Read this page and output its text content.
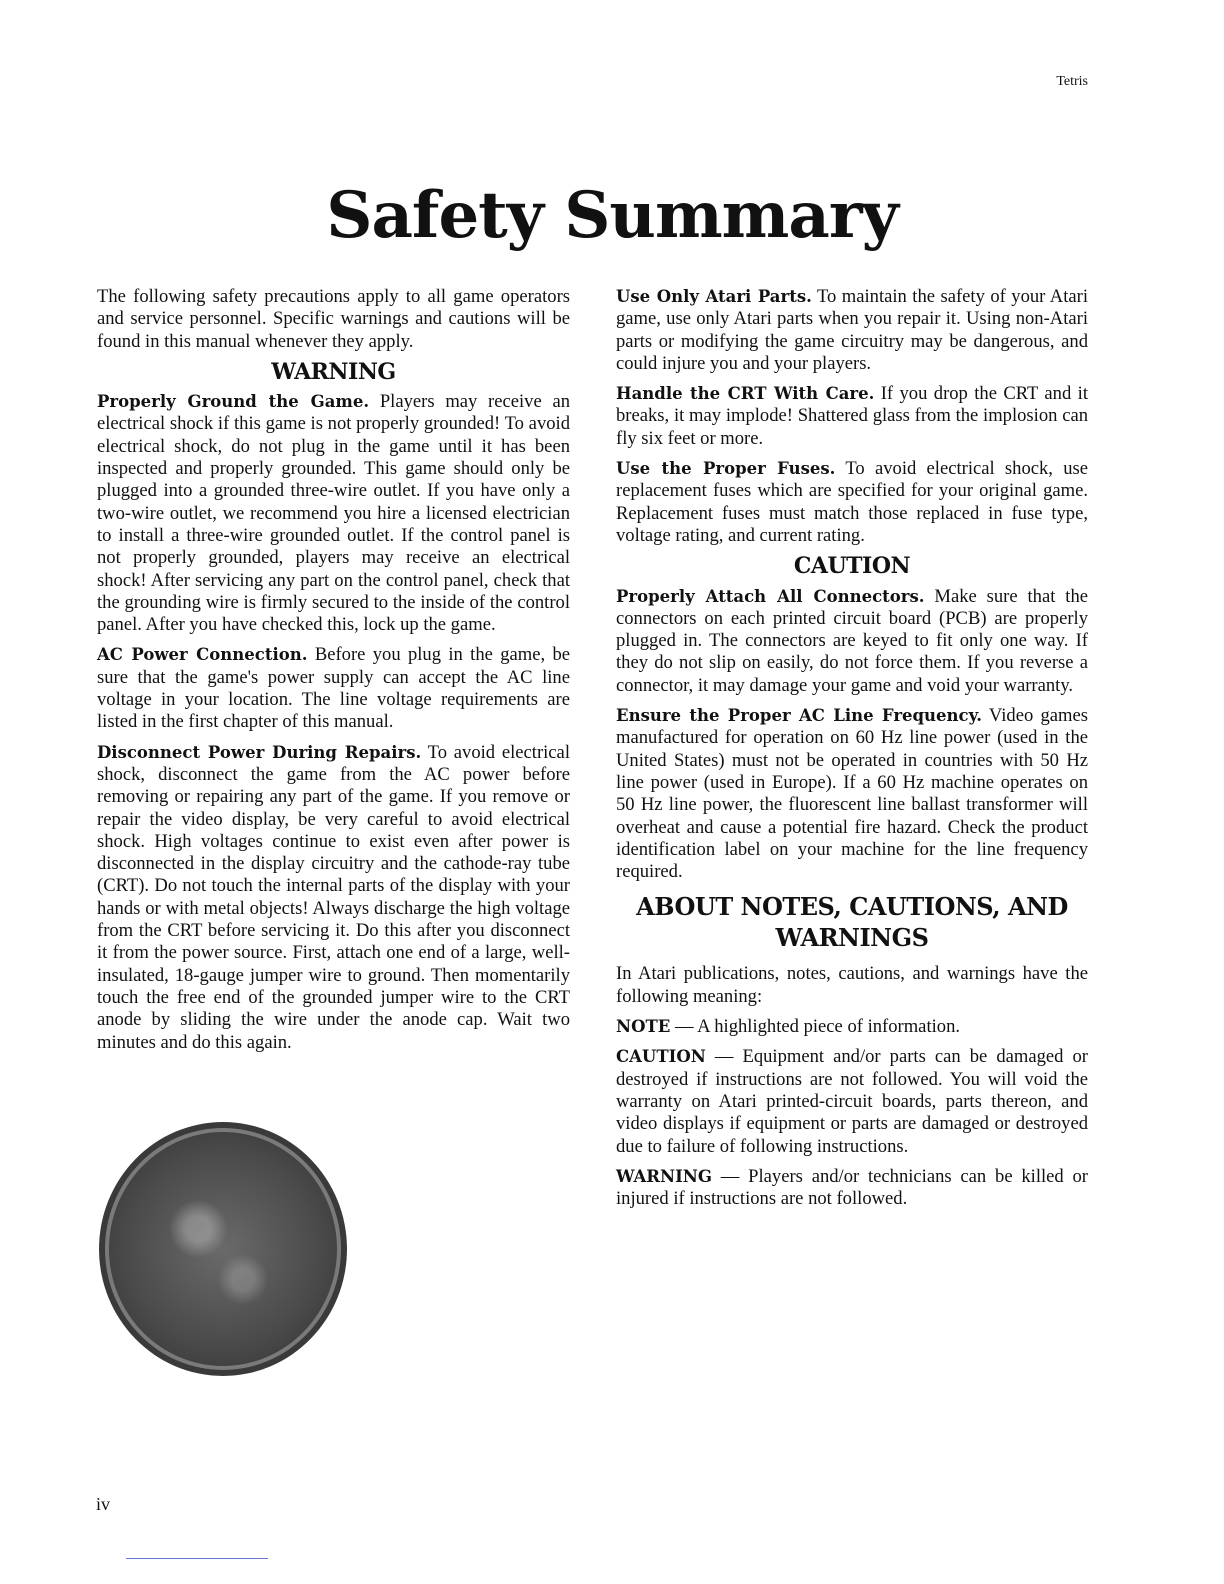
Tetris
Safety Summary

The following safety precautions apply to all game operators and service personnel. Specific warnings and cautions will be found in this manual whenever they apply.

WARNING

Properly Ground the Game. Players may receive an electrical shock if this game is not properly grounded! To avoid electrical shock, do not plug in the game until it has been inspected and properly grounded. This game should only be plugged into a grounded three-wire outlet. If you have only a two-wire outlet, we recommend you hire a licensed electrician to install a three-wire grounded outlet. If the control panel is not properly grounded, players may receive an electrical shock! After servicing any part on the control panel, check that the grounding wire is firmly secured to the inside of the control panel. After you have checked this, lock up the game.

AC Power Connection. Before you plug in the game, be sure that the game's power supply can accept the AC line voltage in your location. The line voltage requirements are listed in the first chapter of this manual.

Disconnect Power During Repairs. To avoid electrical shock, disconnect the game from the AC power before removing or repairing any part of the game. If you remove or repair the video display, be very careful to avoid electrical shock. High voltages continue to exist even after power is disconnected in the display circuitry and the cathode-ray tube (CRT). Do not touch the internal parts of the display with your hands or with metal objects! Always discharge the high voltage from the CRT before servicing it. Do this after you disconnect it from the power source. First, attach one end of a large, well-insulated, 18-gauge jumper wire to ground. Then momentarily touch the free end of the grounded jumper wire to the CRT anode by sliding the wire under the anode cap. Wait two minutes and do this again.

Use Only Atari Parts. To maintain the safety of your Atari game, use only Atari parts when you repair it. Using non-Atari parts or modifying the game circuitry may be dangerous, and could injure you and your players.

Handle the CRT With Care. If you drop the CRT and it breaks, it may implode! Shattered glass from the implosion can fly six feet or more.

Use the Proper Fuses. To avoid electrical shock, use replacement fuses which are specified for your original game. Replacement fuses must match those replaced in fuse type, voltage rating, and current rating.

CAUTION

Properly Attach All Connectors. Make sure that the connectors on each printed circuit board (PCB) are properly plugged in. The connectors are keyed to fit only one way. If they do not slip on easily, do not force them. If you reverse a connector, it may damage your game and void your warranty.

Ensure the Proper AC Line Frequency. Video games manufactured for operation on 60 Hz line power (used in the United States) must not be operated in countries with 50 Hz line power (used in Europe). If a 60 Hz machine operates on 50 Hz line power, the fluorescent line ballast transformer will overheat and cause a potential fire hazard. Check the product identification label on your machine for the line frequency required.

ABOUT NOTES, CAUTIONS, AND WARNINGS

In Atari publications, notes, cautions, and warnings have the following meaning:

NOTE — A highlighted piece of information.

CAUTION — Equipment and/or parts can be damaged or destroyed if instructions are not followed. You will void the warranty on Atari printed-circuit boards, parts thereon, and video displays if equipment or parts are damaged or destroyed due to failure of following instructions.

WARNING — Players and/or technicians can be killed or injured if instructions are not followed.

iv
